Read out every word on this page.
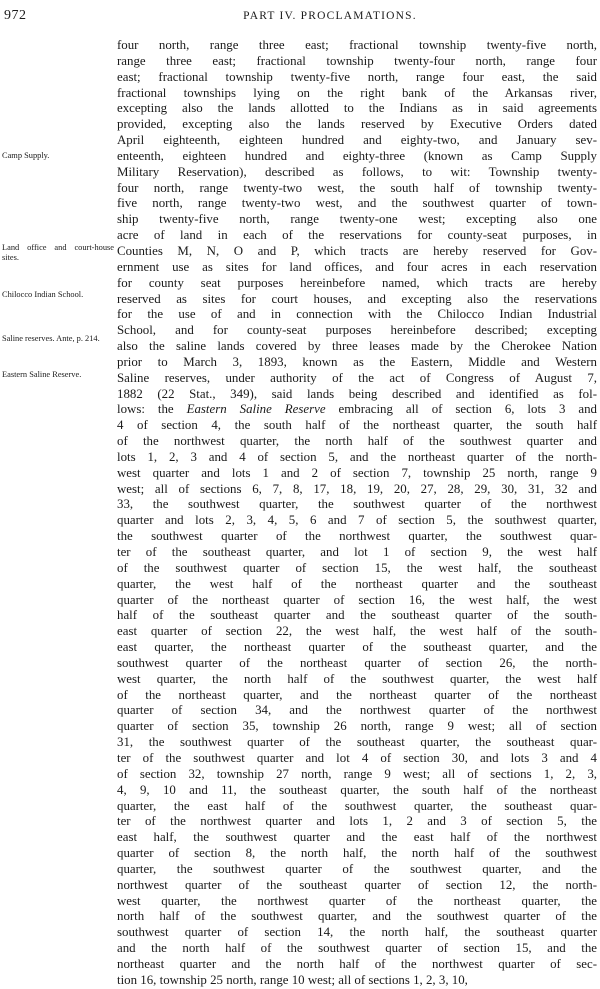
972	PART IV. PROCLAMATIONS.
Camp Supply.
Land office and court-house sites.
Chilocco Indian School.
Saline reserves. Ante, p. 214.
Eastern Saline Reserve.
four north, range three east; fractional township twenty-five north,
range three east; fractional township twenty-four north, range four
east; fractional township twenty-five north, range four east, the said
fractional townships lying on the right bank of the Arkansas river,
excepting also the lands allotted to the Indians as in said agreements
provided, excepting also the lands reserved by Executive Orders dated
April eighteenth, eighteen hundred and eighty-two, and January sev-
enteenth, eighteen hundred and eighty-three (known as Camp Supply
Military Reservation), described as follows, to wit: Township twenty-
four north, range twenty-two west, the south half of township twenty-
five north, range twenty-two west, and the southwest quarter of town-
ship twenty-five north, range twenty-one west; excepting also one
acre of land in each of the reservations for county-seat purposes, in
Counties M, N, O and P, which tracts are hereby reserved for Gov-
ernment use as sites for land offices, and four acres in each reservation
for county seat purposes hereinbefore named, which tracts are hereby
reserved as sites for court houses, and excepting also the reservations
for the use of and in connection with the Chilocco Indian Industrial
School, and for county-seat purposes hereinbefore described; excepting
also the saline lands covered by three leases made by the Cherokee Nation
prior to March 3, 1893, known as the Eastern, Middle and Western
Saline reserves, under authority of the act of Congress of August 7,
1882 (22 Stat., 349), said lands being described and identified as fol-
lows: the Eastern Saline Reserve embracing all of section 6, lots 3 and
4 of section 4, the south half of the northeast quarter, the south half
of the northwest quarter, the north half of the southwest quarter and
lots 1, 2, 3 and 4 of section 5, and the northeast quarter of the north-
west quarter and lots 1 and 2 of section 7, township 25 north, range 9
west; all of sections 6, 7, 8, 17, 18, 19, 20, 27, 28, 29, 30, 31, 32 and
33, the southwest quarter, the southwest quarter of the northwest
quarter and lots 2, 3, 4, 5, 6 and 7 of section 5, the southwest quarter,
the southwest quarter of the northwest quarter, the southwest quar-
ter of the southeast quarter, and lot 1 of section 9, the west half
of the southwest quarter of section 15, the west half, the southeast
quarter, the west half of the northeast quarter and the southeast
quarter of the northeast quarter of section 16, the west half, the west
half of the southeast quarter and the southeast quarter of the south-
east quarter of section 22, the west half, the west half of the south-
east quarter, the northeast quarter of the southeast quarter, and the
southwest quarter of the northeast quarter of section 26, the north-
west quarter, the north half of the southwest quarter, the west half
of the northeast quarter, and the northeast quarter of the northeast
quarter of section 34, and the northwest quarter of the northwest
quarter of section 35, township 26 north, range 9 west; all of section
31, the southwest quarter of the southeast quarter, the southeast quar-
ter of the southwest quarter and lot 4 of section 30, and lots 3 and 4
of section 32, township 27 north, range 9 west; all of sections 1, 2, 3,
4, 9, 10 and 11, the southeast quarter, the south half of the northeast
quarter, the east half of the southwest quarter, the southeast quar-
ter of the northwest quarter and lots 1, 2 and 3 of section 5, the
east half, the southwest quarter and the east half of the northwest
quarter of section 8, the north half, the north half of the southwest
quarter, the southwest quarter of the southwest quarter, and the
northwest quarter of the southeast quarter of section 12, the north-
west quarter, the northwest quarter of the northeast quarter, the
north half of the southwest quarter, and the southwest quarter of the
southwest quarter of section 14, the north half, the southeast quarter
and the north half of the southwest quarter of section 15, and the
northeast quarter and the north half of the northwest quarter of sec-
tion 16, township 25 north, range 10 west; all of sections 1, 2, 3, 10,
